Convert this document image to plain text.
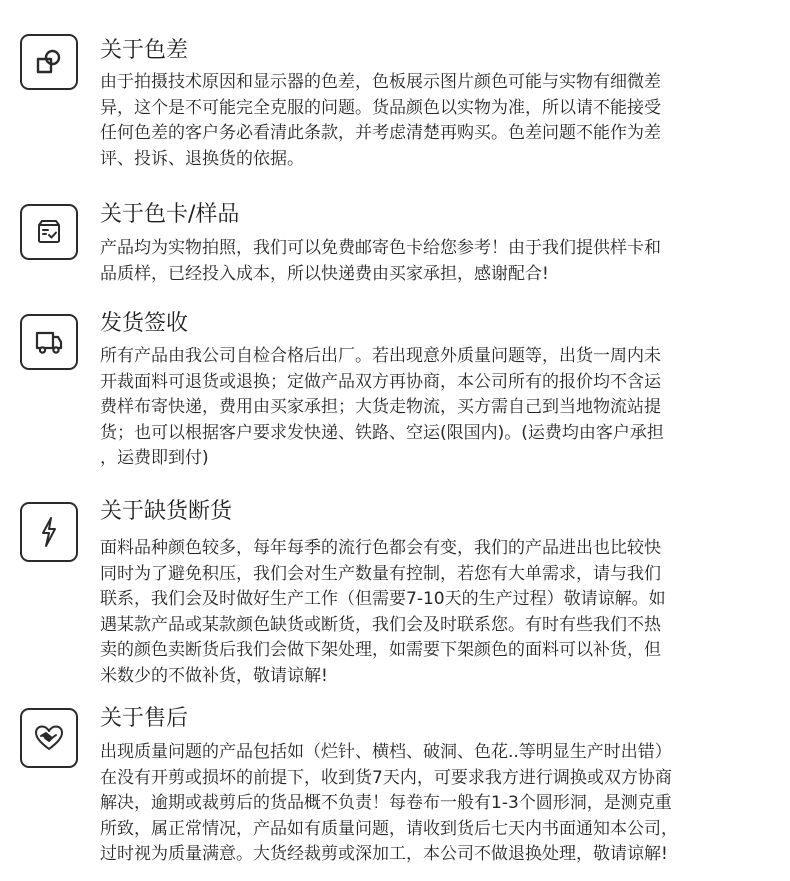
关于色差

由于拍摄技术原因和显示器的色差，色板展示图片颜色可能与实物有细微差
异，这个是不可能完全克服的问题。货品颜色以实物为准，所以请不能接受
任何色差的客户务必看清此条款，并考虑清楚再购买。色差问题不能作为差
评、投诉、退换货的依据。

关于色卡/样品

产品均为实物拍照，我们可以免费邮寄色卡给您参考！由于我们提供样卡和
品质样，已经投入成本，所以快递费由买家承担，感谢配合!

发货签收

所有产品由我公司自检合格后出厂。若出现意外质量问题等，出货一周内未
开裁面料可退货或退换；定做产品双方再协商，本公司所有的报价均不含运
费样布寄快递，费用由买家承担；大货走物流，买方需自己到当地物流站提
货；也可以根据客户要求发快递、铁路、空运(限国内)。(运费均由客户承担
，运费即到付)

关于缺货断货

面料品种颜色较多，每年每季的流行色都会有变，我们的产品进出也比较快
同时为了避免积压，我们会对生产数量有控制，若您有大单需求，请与我们
联系，我们会及时做好生产工作（但需要7-10天的生产过程）敬请谅解。如
遇某款产品或某款颜色缺货或断货，我们会及时联系您。有时有些我们不热
卖的颜色卖断货后我们会做下架处理，如需要下架颜色的面料可以补货，但
米数少的不做补货，敬请谅解!

关于售后

出现质量问题的产品包括如（烂针、横档、破洞、色花..等明显生产时出错）
在没有开剪或损坏的前提下，收到货7天内，可要求我方进行调换或双方协商
解决，逾期或裁剪后的货品概不负责！每卷布一般有1-3个圆形洞，是测克重
所致，属正常情况，产品如有质量问题，请收到货后七天内书面通知本公司，
过时视为质量满意。大货经裁剪或深加工，本公司不做退换处理，敬请谅解!
